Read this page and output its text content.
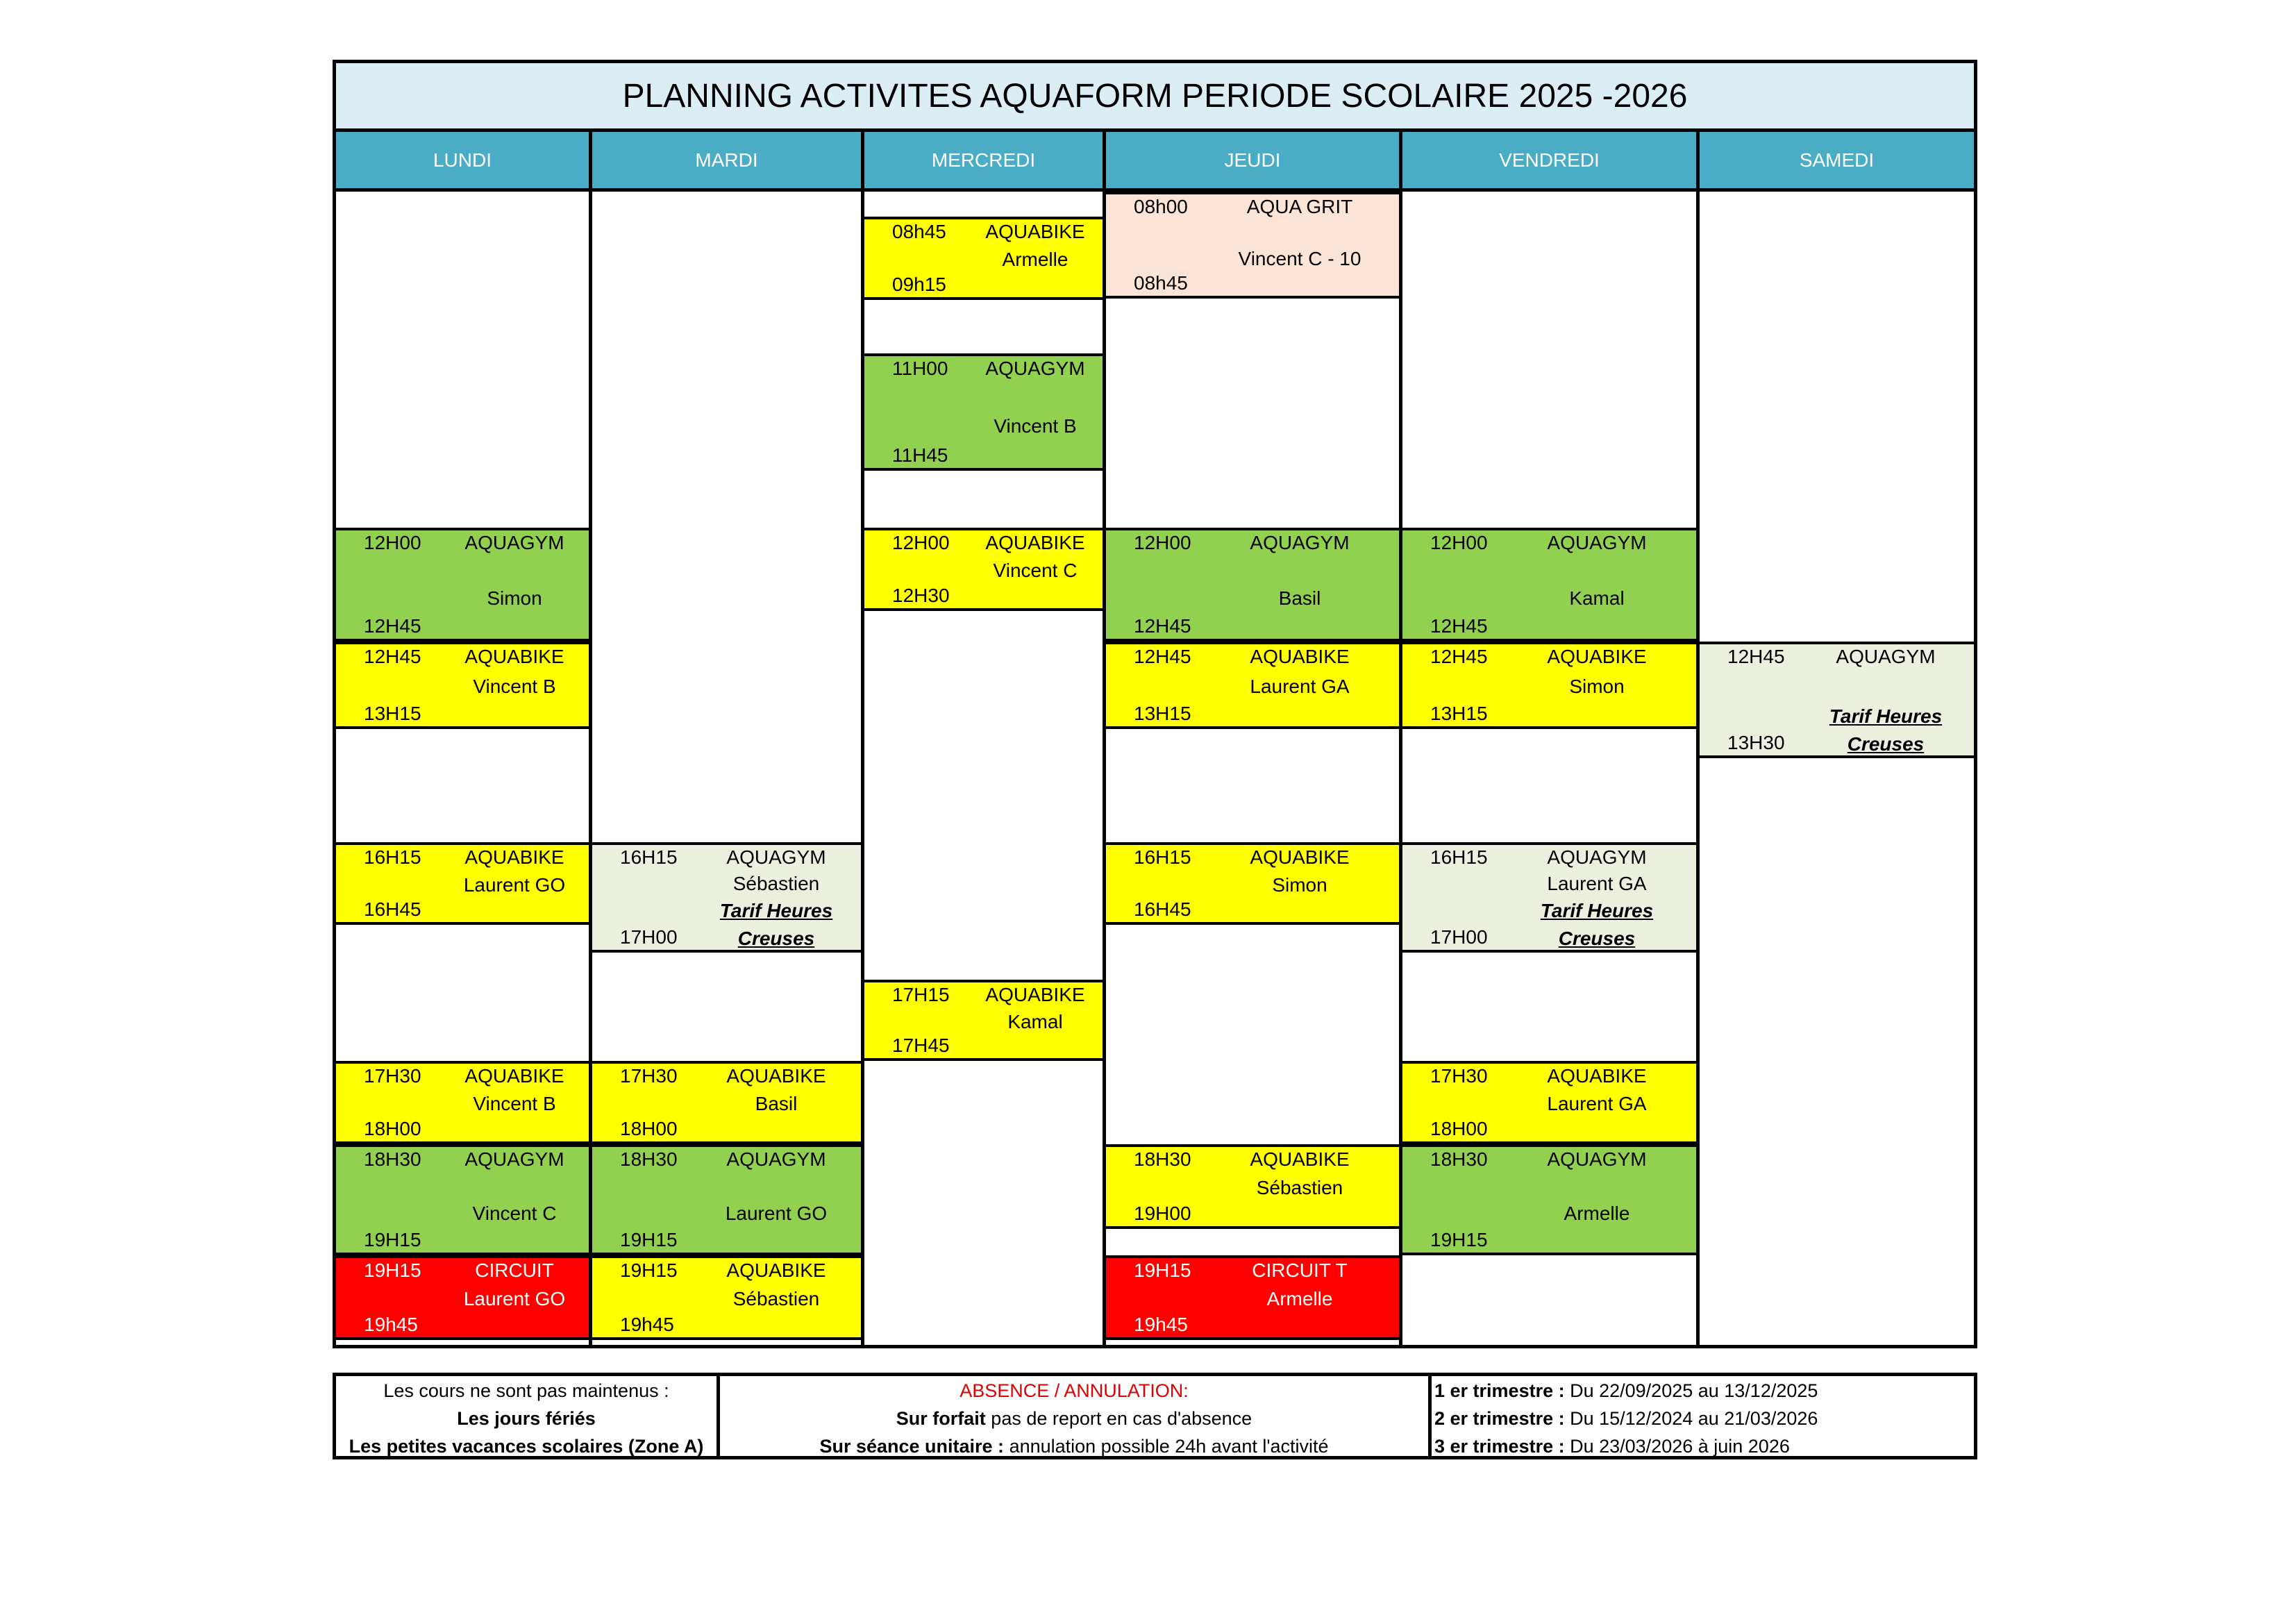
PLANNING ACTIVITES AQUAFORM PERIODE SCOLAIRE 2025 -2026
LUNDI
12H00
12H45
AQUAGYM
Simon
12H45
13H15
AQUABIKE
Vincent B
16H15
16H45
AQUABIKE
Laurent GO
17H30
18H00
AQUABIKE
Vincent B
18H30
19H15
AQUAGYM
Vincent C
19H15
19h45
CIRCUIT
Laurent GO
MARDI
16H15
17H00
AQUAGYM
Sébastien
Tarif Heures
Creuses
17H30
18H00
AQUABIKE
Basil
18H30
19H15
AQUAGYM
Laurent GO
19H15
19h45
AQUABIKE
Sébastien
MERCREDI
08h45
09h15
AQUABIKE
Armelle
11H00
11H45
AQUAGYM
Vincent B
12H00
12H30
AQUABIKE
Vincent C
17H15
17H45
AQUABIKE
Kamal
JEUDI
08h00
08h45
AQUA GRIT
Vincent C - 10
12H00
12H45
AQUAGYM
Basil
12H45
13H15
AQUABIKE
Laurent GA
16H15
16H45
AQUABIKE
Simon
18H30
19H00
AQUABIKE
Sébastien
19H15
19h45
CIRCUIT T
Armelle
VENDREDI
12H00
12H45
AQUAGYM
Kamal
12H45
13H15
AQUABIKE
Simon
16H15
17H00
AQUAGYM
Laurent GA
Tarif Heures
Creuses
17H30
18H00
AQUABIKE
Laurent GA
18H30
19H15
AQUAGYM
Armelle
SAMEDI
12H45
13H30
AQUAGYM
Tarif Heures
Creuses
Les cours ne sont pas maintenus :
Les jours fériés
Les petites vacances scolaires (Zone A)
ABSENCE / ANNULATION:
Sur forfait pas de report en cas d'absence
Sur séance unitaire : annulation possible 24h avant l'activité
1 er trimestre : Du 22/09/2025 au 13/12/2025
2 er trimestre : Du 15/12/2024 au 21/03/2026
3 er trimestre : Du 23/03/2026 à juin 2026
